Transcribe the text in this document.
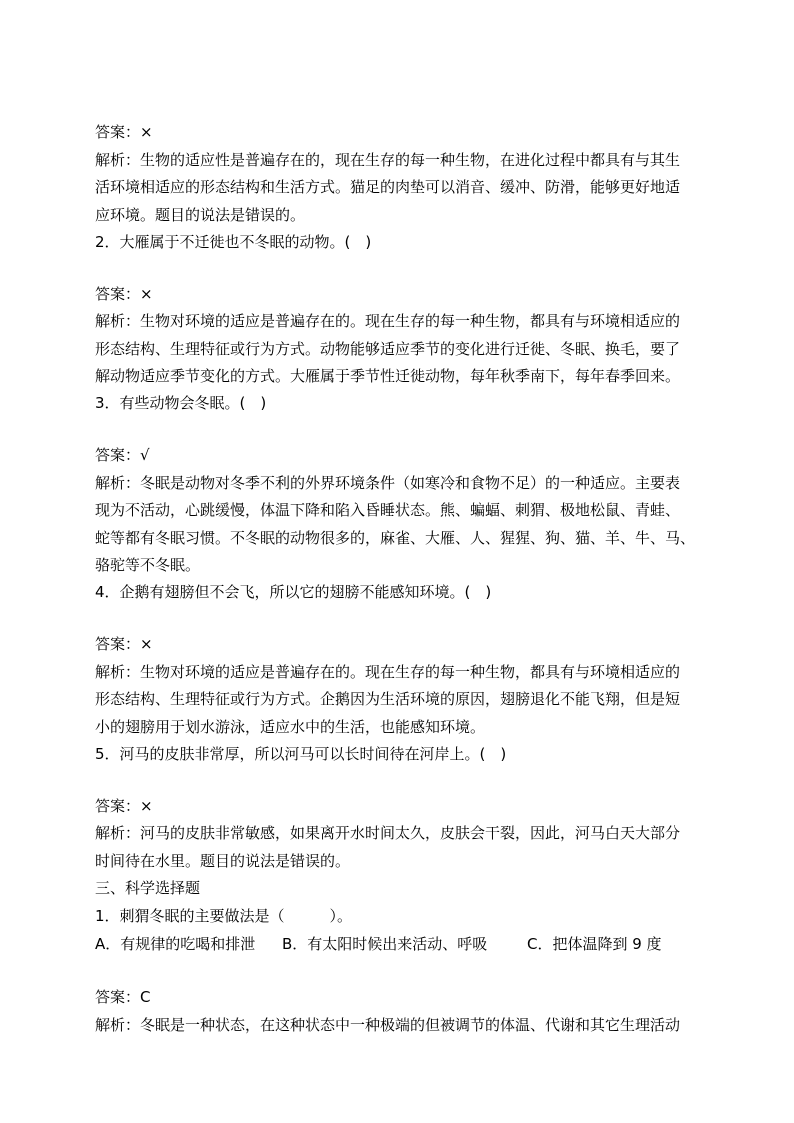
答案：×
解析：生物的适应性是普遍存在的，现在生存的每一种生物，在进化过程中都具有与其生
活环境相适应的形态结构和生活方式。猫足的肉垫可以消音、缓冲、防滑，能够更好地适
应环境。题目的说法是错误的。
2．大雁属于不迁徙也不冬眠的动物。(　)
答案：×
解析：生物对环境的适应是普遍存在的。现在生存的每一种生物，都具有与环境相适应的
形态结构、生理特征或行为方式。动物能够适应季节的变化进行迁徙、冬眠、换毛，要了
解动物适应季节变化的方式。大雁属于季节性迁徙动物，每年秋季南下，每年春季回来。
3．有些动物会冬眠。(　)
答案：√
解析：冬眠是动物对冬季不利的外界环境条件（如寒冷和食物不足）的一种适应。主要表
现为不活动，心跳缓慢，体温下降和陷入昏睡状态。熊、蝙蝠、刺猬、极地松鼠、青蛙、
蛇等都有冬眠习惯。不冬眠的动物很多的，麻雀、大雁、人、猩猩、狗、猫、羊、牛、马、
骆驼等不冬眠。
4．企鹅有翅膀但不会飞，所以它的翅膀不能感知环境。(　)
答案：×
解析：生物对环境的适应是普遍存在的。现在生存的每一种生物，都具有与环境相适应的
形态结构、生理特征或行为方式。企鹅因为生活环境的原因，翅膀退化不能飞翔，但是短
小的翅膀用于划水游泳，适应水中的生活，也能感知环境。
5．河马的皮肤非常厚，所以河马可以长时间待在河岸上。(　)
答案：×
解析：河马的皮肤非常敏感，如果离开水时间太久，皮肤会干裂，因此，河马白天大部分
时间待在水里。题目的说法是错误的。
三、科学选择题
1．刺猬冬眠的主要做法是（　　　）。
A．有规律的吃喝和排泄 B．有太阳时候出来活动、呼吸	C．把体温降到 9 度
答案：C
解析：冬眠是一种状态，在这种状态中一种极端的但被调节的体温、代谢和其它生理活动
